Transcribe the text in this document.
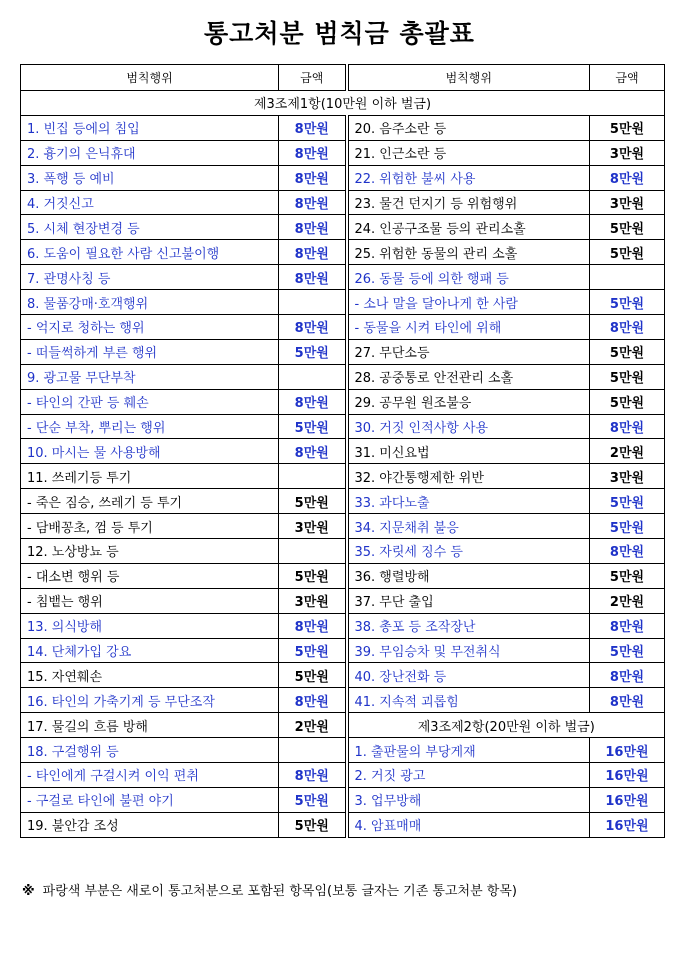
통고처분 범칙금 총괄표
범칙행위	금액	범칙행위	금액
제3조제1항(10만원 이하 벌금)			
1. 빈집 등에의 침입	8만원	20. 음주소란 등	5만원
2. 흉기의 은닉휴대	8만원	21. 인근소란 등	3만원
3. 폭행 등 예비	8만원	22. 위험한 불씨 사용	8만원
4. 거짓신고	8만원	23. 물건 던지기 등 위험행위	3만원
5. 시체 현장변경 등	8만원	24. 인공구조물 등의 관리소홀	5만원
6. 도움이 필요한 사람 신고불이행	8만원	25. 위험한 동물의 관리 소홀	5만원
7. 관명사칭 등	8만원	26. 동물 등에 의한 행패 등	
8. 물품강매·호객행위		- 소나 말을 달아나게 한 사람	5만원
- 억지로 청하는 행위	8만원	- 동물을 시켜 타인에 위해	8만원
- 떠들썩하게 부른 행위	5만원	27. 무단소등	5만원
9. 광고물 무단부착		28. 공중통로 안전관리 소홀	5만원
- 타인의 간판 등 훼손	8만원	29. 공무원 원조불응	5만원
- 단순 부착, 뿌리는 행위	5만원	30. 거짓 인적사항 사용	8만원
10. 마시는 물 사용방해	8만원	31. 미신요법	2만원
11. 쓰레기등 투기		32. 야간통행제한 위반	3만원
- 죽은 짐승, 쓰레기 등 투기	5만원	33. 과다노출	5만원
- 담배꽁초, 껌 등 투기	3만원	34. 지문채취 불응	5만원
12. 노상방뇨 등		35. 자릿세 징수 등	8만원
- 대소변 행위 등	5만원	36. 행렬방해	5만원
- 침뱉는 행위	3만원	37. 무단 출입	2만원
13. 의식방해	8만원	38. 총포 등 조작장난	8만원
14. 단체가입 강요	5만원	39. 무임승차 및 무전취식	5만원
15. 자연훼손	5만원	40. 장난전화 등	8만원
16. 타인의 가축기계 등 무단조작	8만원	41. 지속적 괴롭힘	8만원
17. 물길의 흐름 방해	2만원	제3조제2항(20만원 이하 벌금)	
18. 구걸행위 등		1. 출판물의 부당게재	16만원
- 타인에게 구걸시켜 이익 편취	8만원	2. 거짓 광고	16만원
- 구걸로 타인에 불편 야기	5만원	3. 업무방해	16만원
19. 불안감 조성	5만원	4. 암표매매	16만원
※ 파랑색 부분은 새로이 통고처분으로 포함된 항목임(보통 글자는 기존 통고처분 항목)
